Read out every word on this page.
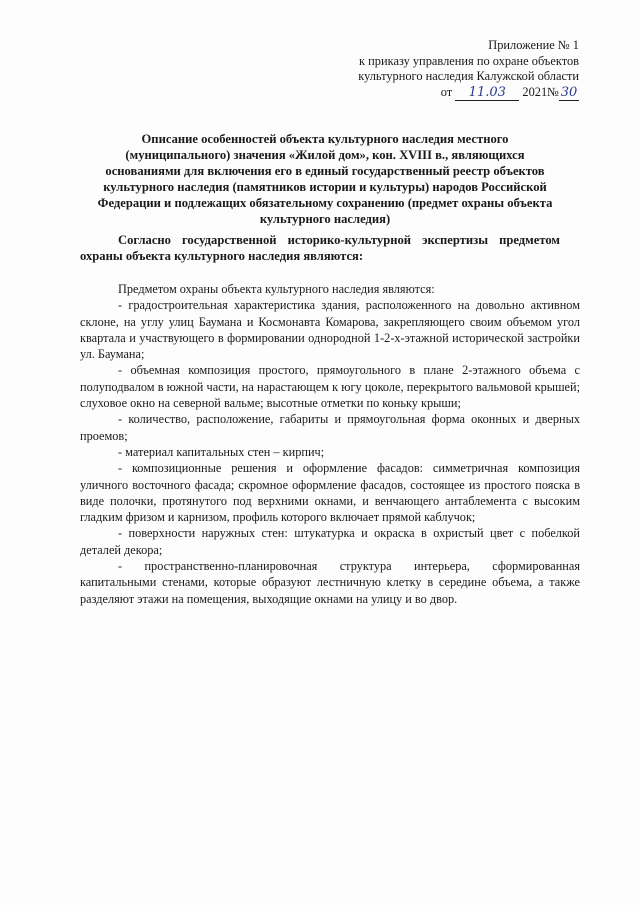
Приложение № 1
к приказу управления по охране объектов
культурного наследия Калужской области
от 11.03 2021№ 30
Описание особенностей объекта культурного наследия местного (муниципального) значения «Жилой дом», кон. XVIII в., являющихся основаниями для включения его в единый государственный реестр объектов культурного наследия (памятников истории и культуры) народов Российской Федерации и подлежащих обязательному сохранению (предмет охраны объекта культурного наследия)
Согласно государственной историко-культурной экспертизы предметом охраны объекта культурного наследия являются:

Предметом охраны объекта культурного наследия являются:

- градостроительная характеристика здания, расположенного на довольно активном склоне, на углу улиц Баумана и Космонавта Комарова, закрепляющего своим объемом угол квартала и участвующего в формировании однородной 1-2-х-этажной исторической застройки ул. Баумана;

- объемная композиция простого, прямоугольного в плане 2-этажного объема с полуподвалом в южной части, на нарастающем к югу цоколе, перекрытого вальмовой крышей; слуховое окно на северной вальме; высотные отметки по коньку крыши;

- количество, расположение, габариты и прямоугольная форма оконных и дверных проемов;

- материал капитальных стен – кирпич;

- композиционные решения и оформление фасадов: симметричная композиция уличного восточного фасада; скромное оформление фасадов, состоящее из простого пояска в виде полочки, протянутого под верхними окнами, и венчающего антаблемента с высоким гладким фризом и карнизом, профиль которого включает прямой каблучок;

- поверхности наружных стен: штукатурка и окраска в охристый цвет с побелкой деталей декора;

- пространственно-планировочная структура интерьера, сформированная капитальными стенами, которые образуют лестничную клетку в середине объема, а также разделяют этажи на помещения, выходящие окнами на улицу и во двор.
